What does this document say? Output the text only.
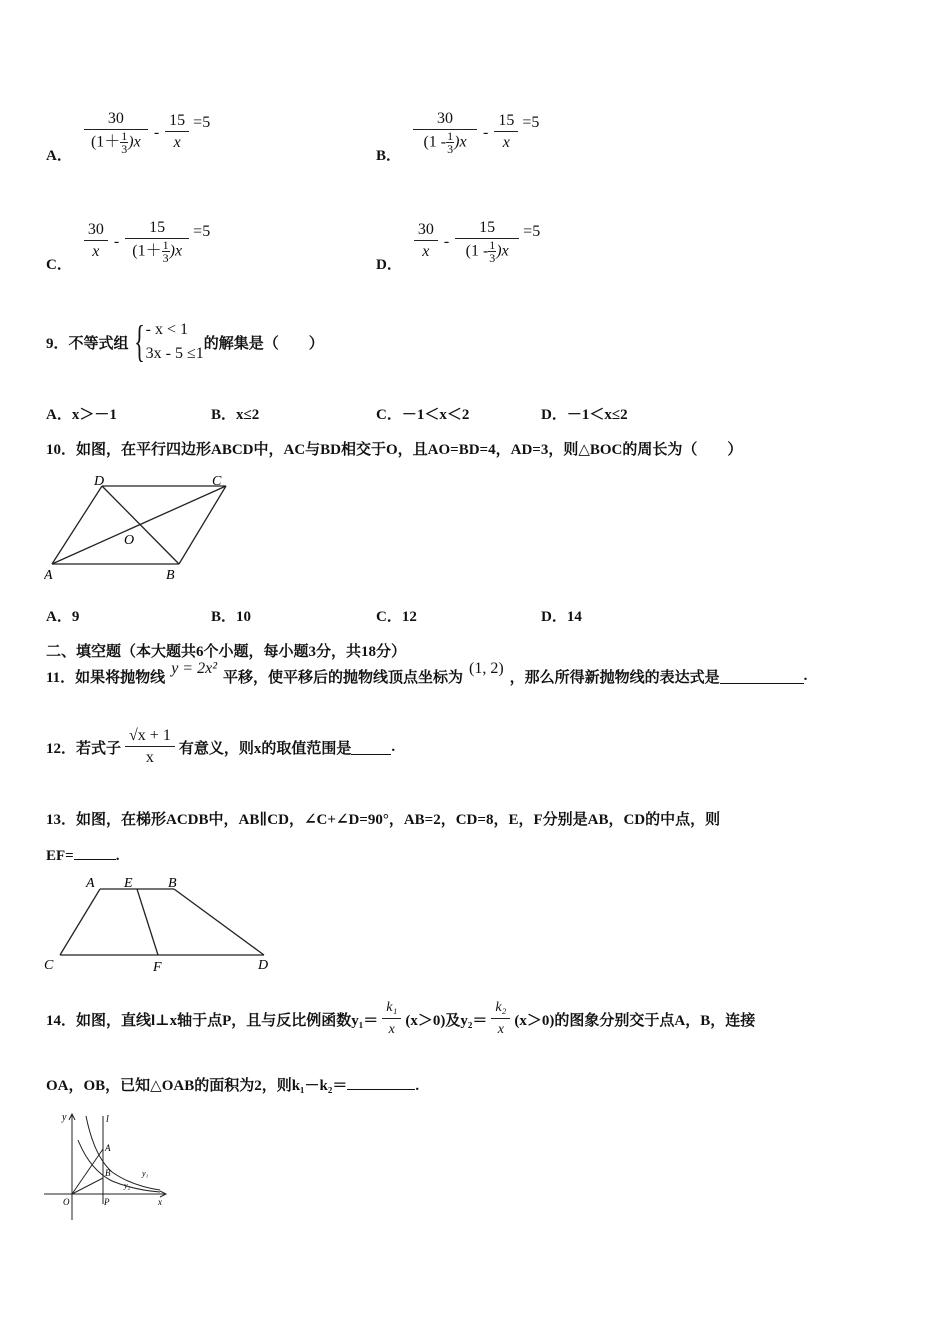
A． $\frac{30}{(1+ \frac{1}{3} )x} - \frac{15}{x} =5$
B． $\frac{30}{(1 - \frac{1}{3} )x} - \frac{15}{x} =5$
C．
$\frac{30}{x} - \frac{15}{(1+ \frac{1}{3} )x} =5$
D．
$\frac{30}{x} - \frac{15}{(1 - \frac{1}{3} )x} =5$
9．不等式组 { - x < 1
3x - 5 ≤1
的解集是（　　）
A．x＞－1	B．x≤2	C．－1＜x＜2	D．－1＜x≤2
10．如图，在平行四边形ABCD中，AC与BD相交于O，且AO=BD=4，AD=3，则△BOC的周长为（　　）
D	C
O
A	B
A．9	B．10	C．12	D．14
二、填空题（本大题共6个小题，每小题3分，共18分）
11．如果将抛物线
y = 2x²
平移，使平移后的抛物线顶点坐标为
(1, 2)
，那么所得新抛物线的表达式是	.
12．若式子 $\frac{√x + 1}{x}$ 有意义，则x的取值范围是	.
13．如图，在梯形ACDB中，AB∥CD，∠C+∠D=90°，AB=2，CD=8，E，F分别是AB，CD的中点，则
EF=	.
A E	B
C	F	D
14．如图，直线l⊥x轴于点P，且与反比例函数$y_1= \frac{\text{k₁}}{x} (x>0)$及$y_2= \frac{\text{k₂}}{x} (x>0)$的图象分别交于点A，B，连接
OA，OB，已知△OAB的面积为2，则k₁－k₂＝	.
y	l
A
B	y₁
y₂
O	P	x
